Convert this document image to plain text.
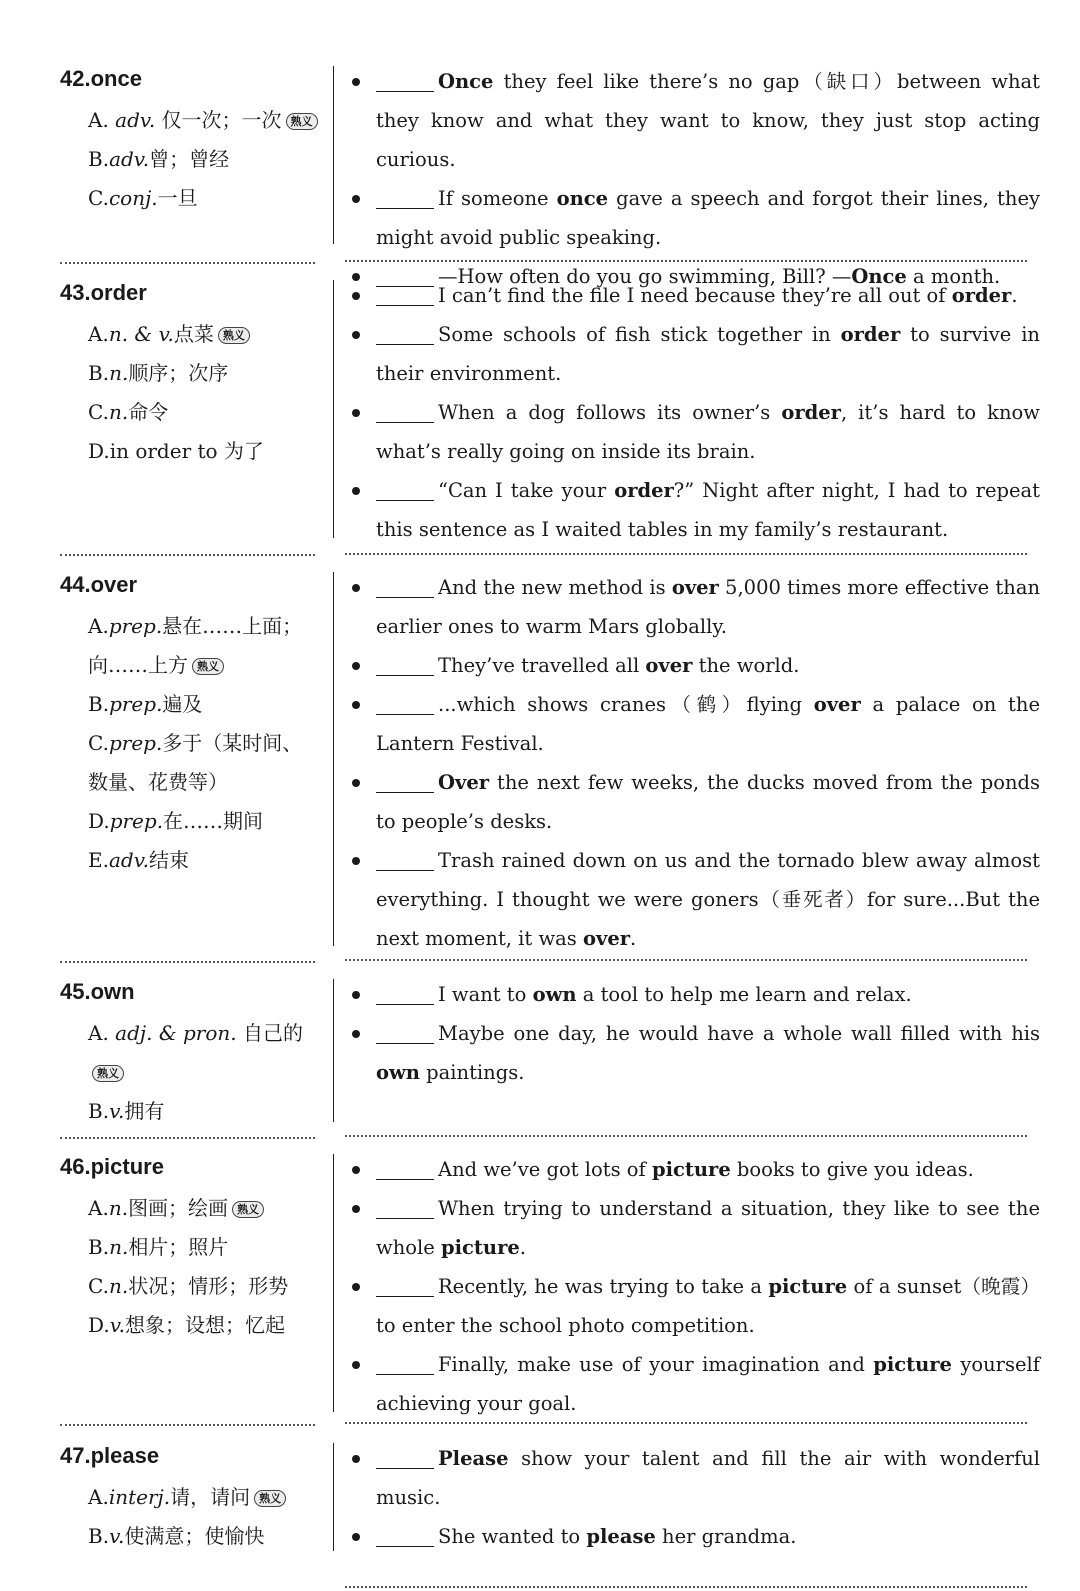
42.once
A. adv. 仅一次；一次 熟义
B.adv.曾；曾经
C.conj.一旦
Once they feel like there’s no gap（缺口）between what they know and what they want to know, they just stop acting curious.
If someone once gave a speech and forgot their lines, they might avoid public speaking.
—How often do you go swimming, Bill? —Once a month.
43.order
A.n. & v.点菜 熟义
B.n.顺序；次序
C.n.命令
D.in order to 为了
I can’t find the file I need because they’re all out of order.
Some schools of fish stick together in order to survive in their environment.
When a dog follows its owner’s order, it’s hard to know what’s really going on inside its brain.
“Can I take your order?” Night after night, I had to repeat this sentence as I waited tables in my family’s restaurant.
44.over
A.prep.悬在……上面；向……上方 熟义
B.prep.遍及
C.prep.多于（某时间、数量、花费等）
D.prep.在……期间
E.adv.结束
And the new method is over 5,000 times more effective than earlier ones to warm Mars globally.
They’ve travelled all over the world.
...which shows cranes（鹤）flying over a palace on the Lantern Festival.
Over the next few weeks, the ducks moved from the ponds to people’s desks.
Trash rained down on us and the tornado blew away almost everything. I thought we were goners（垂死者）for sure...But the next moment, it was over.
45.own
A. adj. & pron. 自己的熟义
B.v.拥有
I want to own a tool to help me learn and relax.
Maybe one day, he would have a whole wall filled with his own paintings.
46.picture
A.n.图画；绘画 熟义
B.n.相片；照片
C.n.状况；情形；形势
D.v.想象；设想；忆起
And we’ve got lots of picture books to give you ideas.
When trying to understand a situation, they like to see the whole picture.
Recently, he was trying to take a picture of a sunset（晚霞）to enter the school photo competition.
Finally, make use of your imagination and picture yourself achieving your goal.
47.please
A.interj.请，请问 熟义
B.v.使满意；使愉快
Please show your talent and fill the air with wonderful music.
She wanted to please her grandma.
